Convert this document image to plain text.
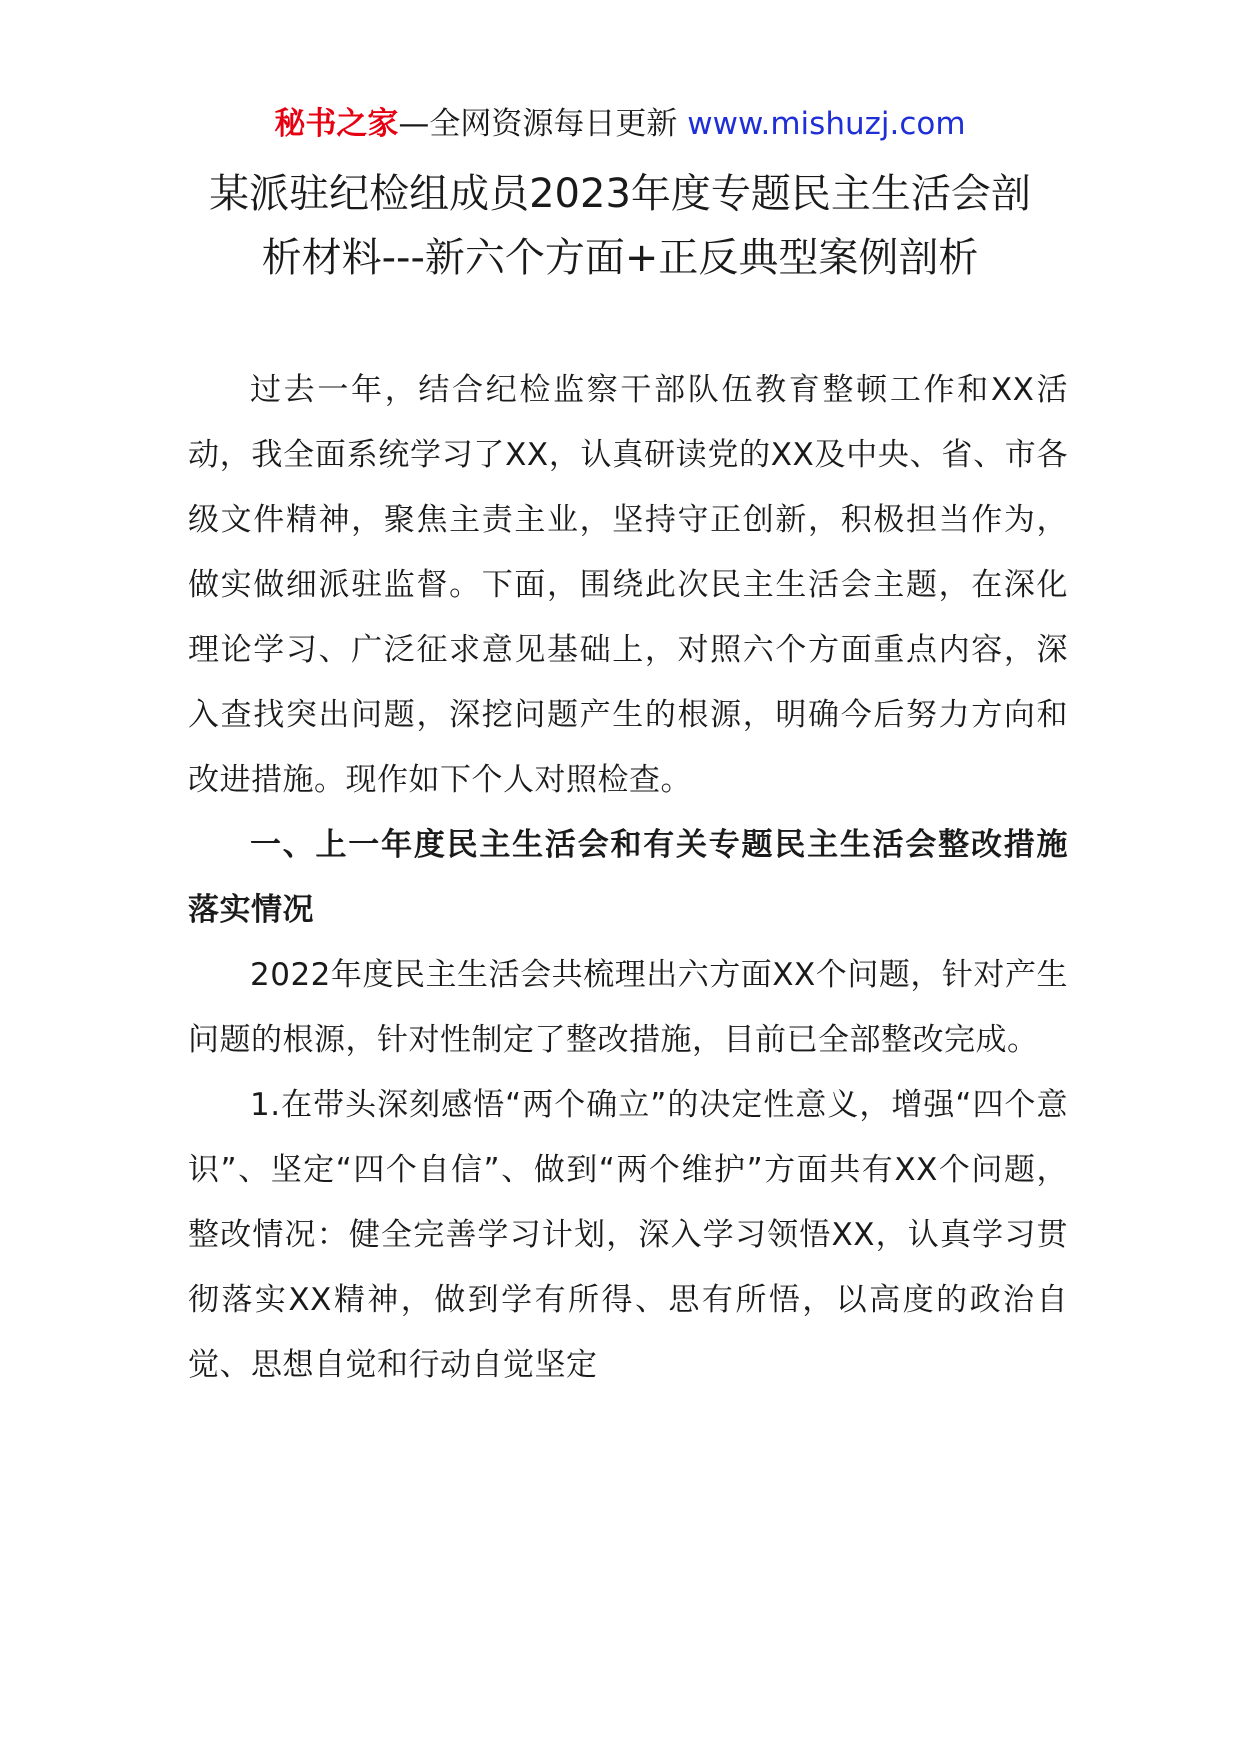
秘书之家—全网资源每日更新 www.mishuzj.com
某派驻纪检组成员2023年度专题民主生活会剖
析材料---新六个方面+正反典型案例剖析

过去一年，结合纪检监察干部队伍教育整顿工作和XX活动，我全面系统学习了XX，认真研读党的XX及中央、省、市各级文件精神，聚焦主责主业，坚持守正创新，积极担当作为，做实做细派驻监督。下面，围绕此次民主生活会主题，在深化理论学习、广泛征求意见基础上，对照六个方面重点内容，深入查找突出问题，深挖问题产生的根源，明确今后努力方向和改进措施。现作如下个人对照检查。

一、上一年度民主生活会和有关专题民主生活会整改措施落实情况

2022年度民主生活会共梳理出六方面XX个问题，针对产生问题的根源，针对性制定了整改措施，目前已全部整改完成。

1.在带头深刻感悟“两个确立”的决定性意义，增强“四个意识”、坚定“四个自信”、做到“两个维护”方面共有XX个问题，整改情况：健全完善学习计划，深入学习领悟XX，认真学习贯彻落实XX精神，做到学有所得、思有所悟，以高度的政治自觉、思想自觉和行动自觉坚定
